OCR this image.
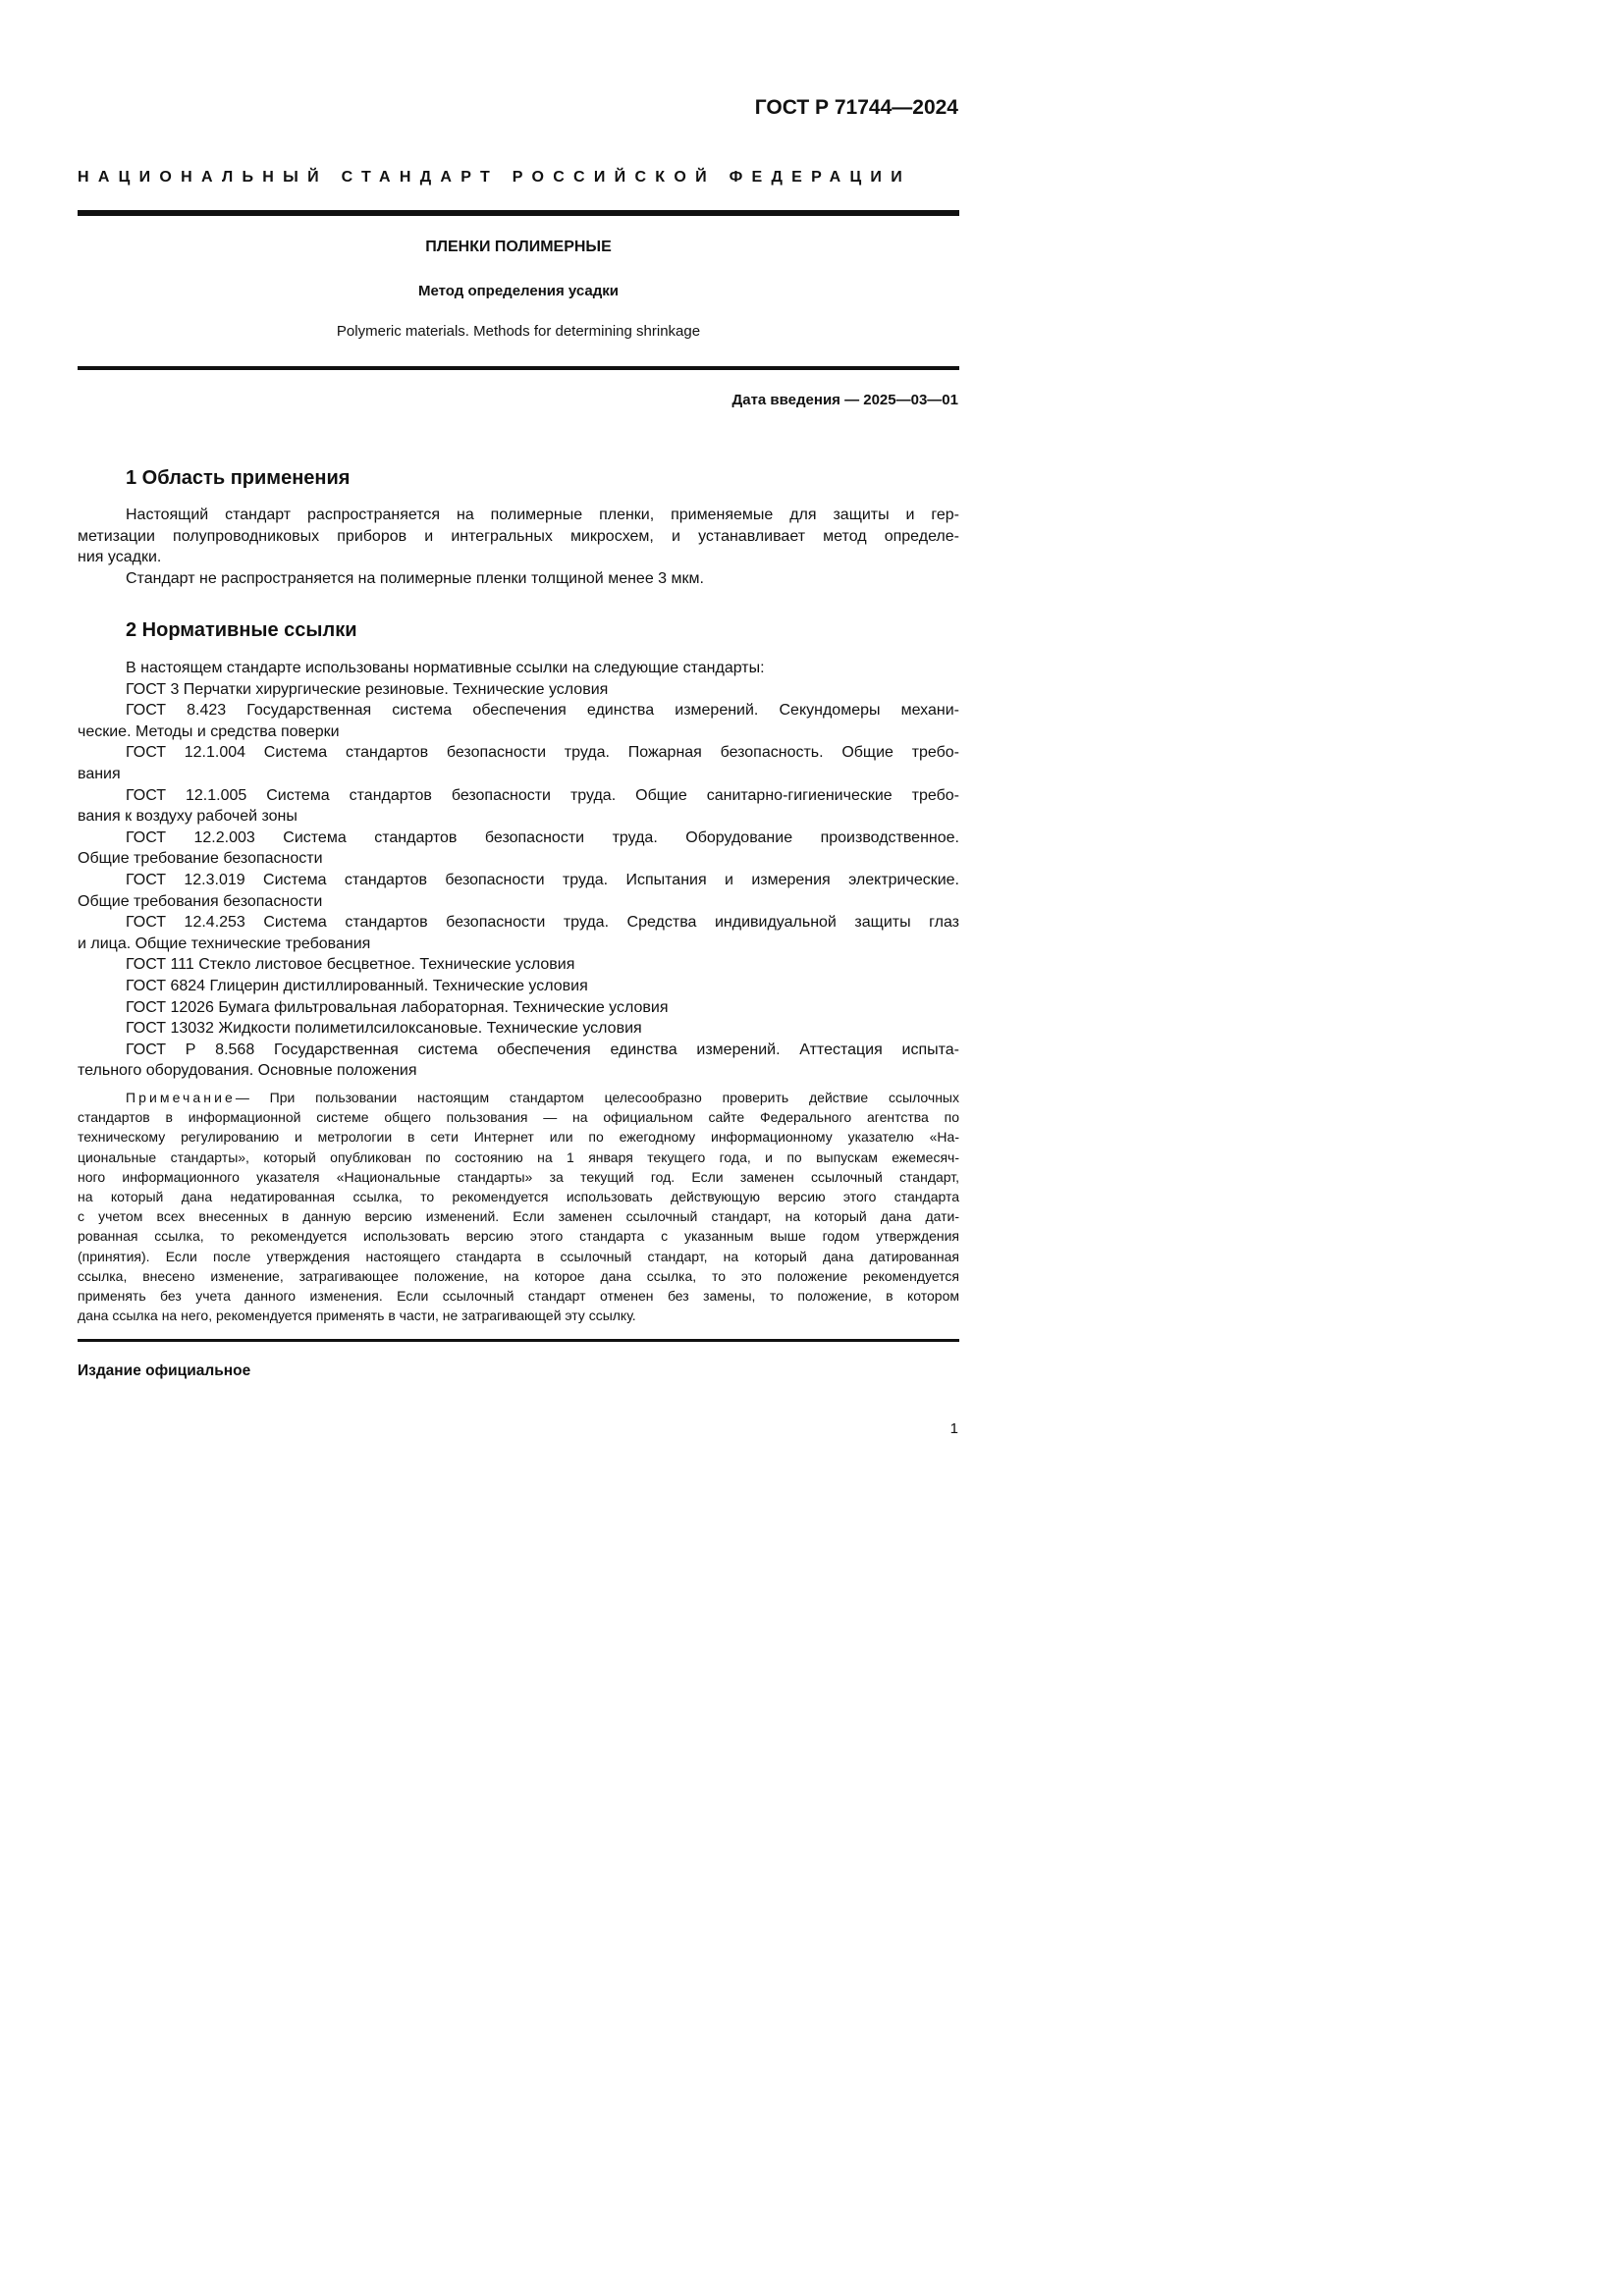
ГОСТ Р 71744—2024
НАЦИОНАЛЬНЫЙ СТАНДАРТ РОССИЙСКОЙ ФЕДЕРАЦИИ
ПЛЕНКИ ПОЛИМЕРНЫЕ
Метод определения усадки
Polymeric materials. Methods for determining shrinkage
Дата введения — 2025—03—01
1 Область применения
Настоящий стандарт распространяется на полимерные пленки, применяемые для защиты и гер-
метизации полупроводниковых приборов и интегральных микросхем, и устанавливает метод определе-
ния усадки.
Стандарт не распространяется на полимерные пленки толщиной менее 3 мкм.
2 Нормативные ссылки
В настоящем стандарте использованы нормативные ссылки на следующие стандарты:
ГОСТ 3 Перчатки хирургические резиновые. Технические условия
ГОСТ 8.423 Государственная система обеспечения единства измерений. Секундомеры механи-
ческие. Методы и средства поверки
ГОСТ 12.1.004 Система стандартов безопасности труда. Пожарная безопасность. Общие требо-
вания
ГОСТ 12.1.005 Система стандартов безопасности труда. Общие санитарно-гигиенические требо-
вания к воздуху рабочей зоны
ГОСТ 12.2.003 Система стандартов безопасности труда. Оборудование производственное.
Общие требование безопасности
ГОСТ 12.3.019 Система стандартов безопасности труда. Испытания и измерения электрические.
Общие требования безопасности
ГОСТ 12.4.253 Система стандартов безопасности труда. Средства индивидуальной защиты глаз
и лица. Общие технические требования
ГОСТ 111 Стекло листовое бесцветное. Технические условия
ГОСТ 6824 Глицерин дистиллированный. Технические условия
ГОСТ 12026 Бумага фильтровальная лабораторная. Технические условия
ГОСТ 13032 Жидкости полиметилсилоксановые. Технические условия
ГОСТ Р 8.568 Государственная система обеспечения единства измерений. Аттестация испыта-
тельного оборудования. Основные положения
Примечание— При пользовании настоящим стандартом целесообразно проверить действие ссылочных
стандартов в информационной системе общего пользования — на официальном сайте Федерального агентства по
техническому регулированию и метрологии в сети Интернет или по ежегодному информационному указателю «На-
циональные стандарты», который опубликован по состоянию на 1 января текущего года, и по выпускам ежемесяч-
ного информационного указателя «Национальные стандарты» за текущий год. Если заменен ссылочный стандарт,
на который дана недатированная ссылка, то рекомендуется использовать действующую версию этого стандарта
с учетом всех внесенных в данную версию изменений. Если заменен ссылочный стандарт, на который дана дати-
рованная ссылка, то рекомендуется использовать версию этого стандарта с указанным выше годом утверждения
(принятия). Если после утверждения настоящего стандарта в ссылочный стандарт, на который дана датированная
ссылка, внесено изменение, затрагивающее положение, на которое дана ссылка, то это положение рекомендуется
применять без учета данного изменения. Если ссылочный стандарт отменен без замены, то положение, в котором
дана ссылка на него, рекомендуется применять в части, не затрагивающей эту ссылку.
Издание официальное
1
